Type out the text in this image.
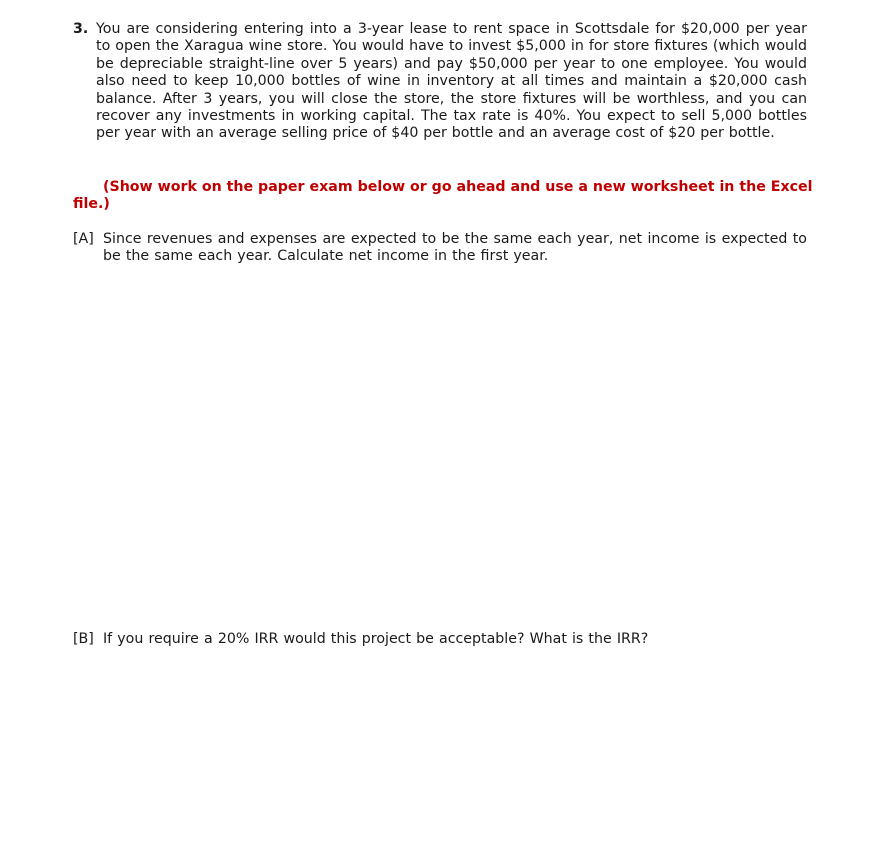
3. You are considering entering into a 3-year lease to rent space in Scottsdale for $20,000 per year to open the Xaragua wine store. You would have to invest $5,000 in for store fixtures (which would be depreciable straight-line over 5 years) and pay $50,000 per year to one employee. You would also need to keep 10,000 bottles of wine in inventory at all times and maintain a $20,000 cash balance. After 3 years, you will close the store, the store fixtures will be worthless, and you can recover any investments in working capital. The tax rate is 40%. You expect to sell 5,000 bottles per year with an average selling price of $40 per bottle and an average cost of $20 per bottle.
(Show work on the paper exam below or go ahead and use a new worksheet in the Excel file.)
[A] Since revenues and expenses are expected to be the same each year, net income is expected to be the same each year. Calculate net income in the first year.
[B] If you require a 20% IRR would this project be acceptable? What is the IRR?
